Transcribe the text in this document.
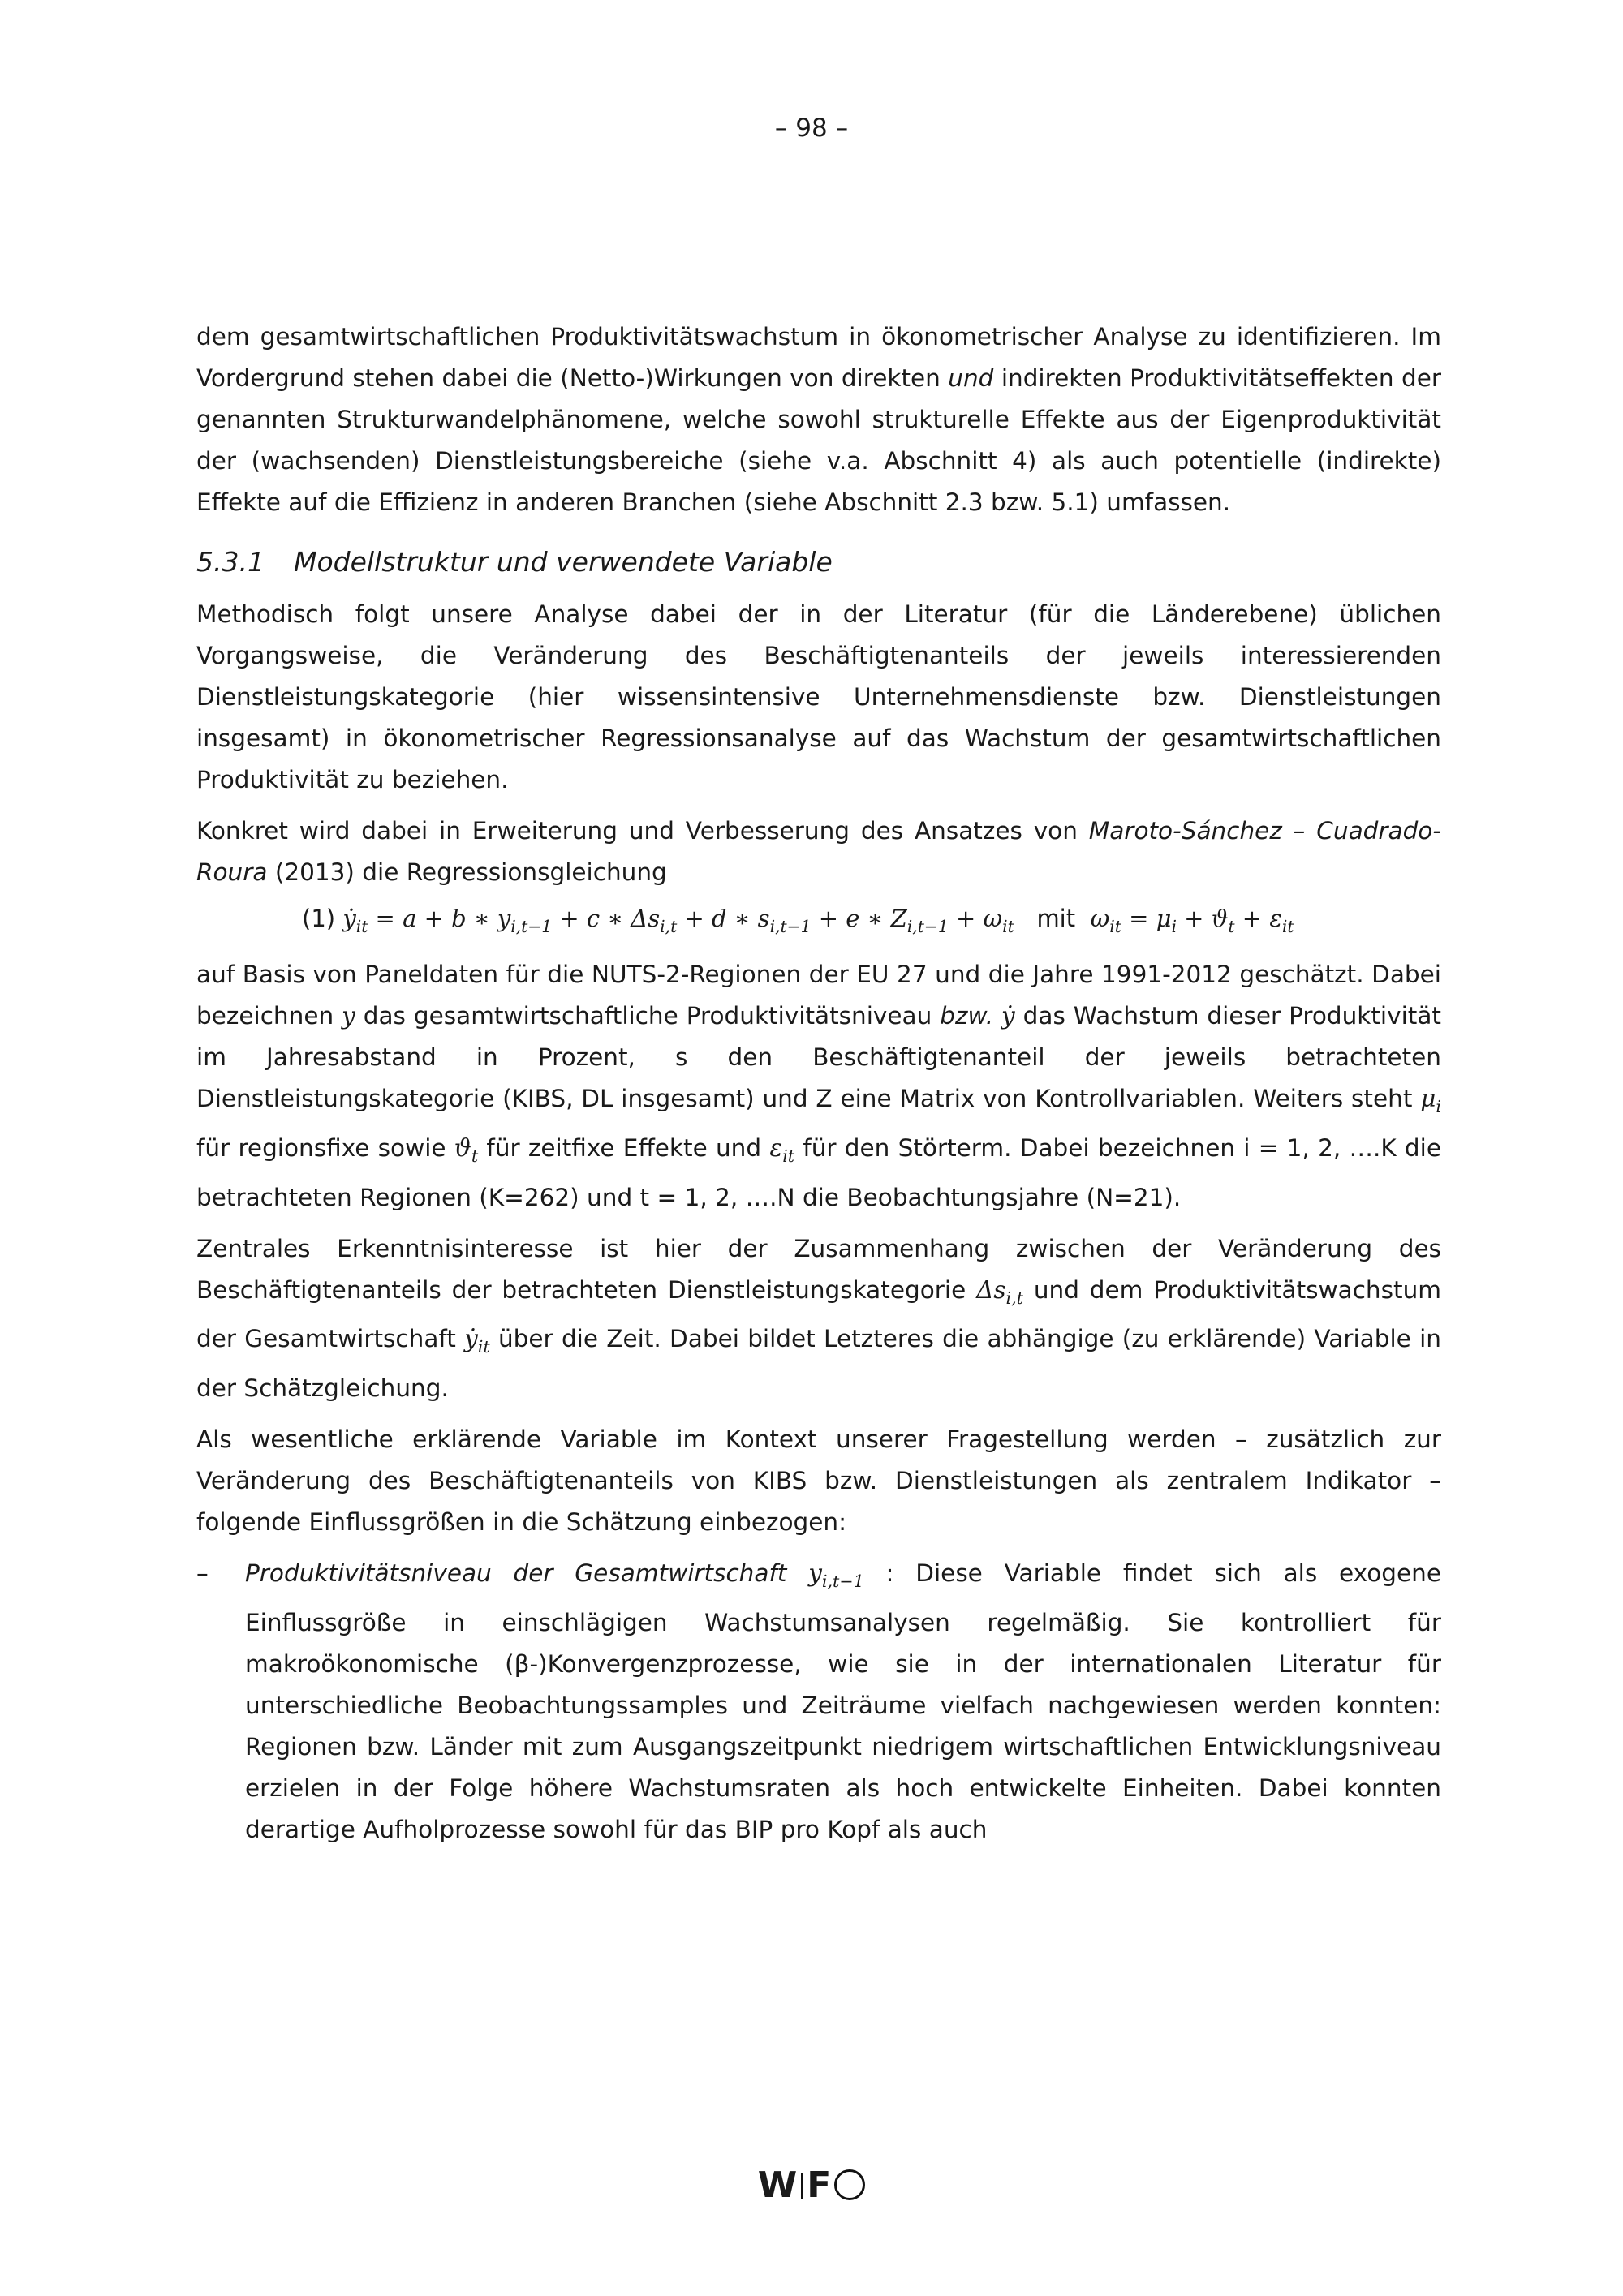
– 98 –

dem gesamtwirtschaftlichen Produktivitätswachstum in ökonometrischer Analyse zu identifizieren. Im Vordergrund stehen dabei die (Netto-)Wirkungen von direkten und indirekten Produktivitätseffekten der genannten Strukturwandelphänomene, welche sowohl strukturelle Effekte aus der Eigenproduktivität der (wachsenden) Dienstleistungsbereiche (siehe v.a. Abschnitt 4) als auch potentielle (indirekte) Effekte auf die Effizienz in anderen Branchen (siehe Abschnitt 2.3 bzw. 5.1) umfassen.

5.3.1 Modellstruktur und verwendete Variable

Methodisch folgt unsere Analyse dabei der in der Literatur (für die Länderebene) üblichen Vorgangsweise, die Veränderung des Beschäftigtenanteils der jeweils interessierenden Dienstleistungskategorie (hier wissensintensive Unternehmensdienste bzw. Dienstleistungen insgesamt) in ökonometrischer Regressionsanalyse auf das Wachstum der gesamtwirtschaftlichen Produktivität zu beziehen.

Konkret wird dabei in Erweiterung und Verbesserung des Ansatzes von Maroto-Sánchez – Cuadrado-Roura (2013) die Regressionsgleichung

(1) ẏ$_{it}$ = a + b ∗ $y_{i,t-1} + c$ ∗ $\Delta s_{i,t} + d$ ∗ $s_{i,t-1} + e$ ∗ $Z_{i,t-1} + \omega_{it}$ mit $\omega_{it} = \mu_i + ϑ_t + \varepsilon_{it}$

auf Basis von Paneldaten für die NUTS-2-Regionen der EU 27 und die Jahre 1991-2012 geschätzt. Dabei bezeichnen y das gesamtwirtschaftliche Produktivitätsniveau bzw. ẏ das Wachstum dieser Produktivität im Jahresabstand in Prozent, s den Beschäftigtenanteil der jeweils betrachteten Dienstleistungskategorie (KIBS, DL insgesamt) und Z eine Matrix von Kontrollvariablen. Weiters steht $\mu_i$ für regionsfixe sowie $ϑ_t$ für zeitfixe Effekte und $\varepsilon_{it}$ für den Störterm. Dabei bezeichnen i = 1, 2, ….K die betrachteten Regionen (K=262) und t = 1, 2, ….N die Beobachtungsjahre (N=21).

Zentrales Erkenntnisinteresse ist hier der Zusammenhang zwischen der Veränderung des Beschäftigtenanteils der betrachteten Dienstleistungskategorie $\Delta s_{i,t}$ und dem Produktivitätswachstum der Gesamtwirtschaft ẏ$_{it}$ über die Zeit. Dabei bildet Letzteres die abhängige (zu erklärende) Variable in der Schätzgleichung.

Als wesentliche erklärende Variable im Kontext unserer Fragestellung werden – zusätzlich zur Veränderung des Beschäftigtenanteils von KIBS bzw. Dienstleistungen als zentralem Indikator – folgende Einflussgrößen in die Schätzung einbezogen:

– Produktivitätsniveau der Gesamtwirtschaft $y_{i,t-1}$ : Diese Variable findet sich als exogene Einflussgröße in einschlägigen Wachstumsanalysen regelmäßig. Sie kontrolliert für makroökonomische (β-)Konvergenzprozesse, wie sie in der internationalen Literatur für unterschiedliche Beobachtungssamples und Zeiträume vielfach nachgewiesen werden konnten: Regionen bzw. Länder mit zum Ausgangszeitpunkt niedrigem wirtschaftlichen Entwicklungsniveau erzielen in der Folge höhere Wachstumsraten als hoch entwickelte Einheiten. Dabei konnten derartige Aufholprozesse sowohl für das BIP pro Kopf als auch

W F
